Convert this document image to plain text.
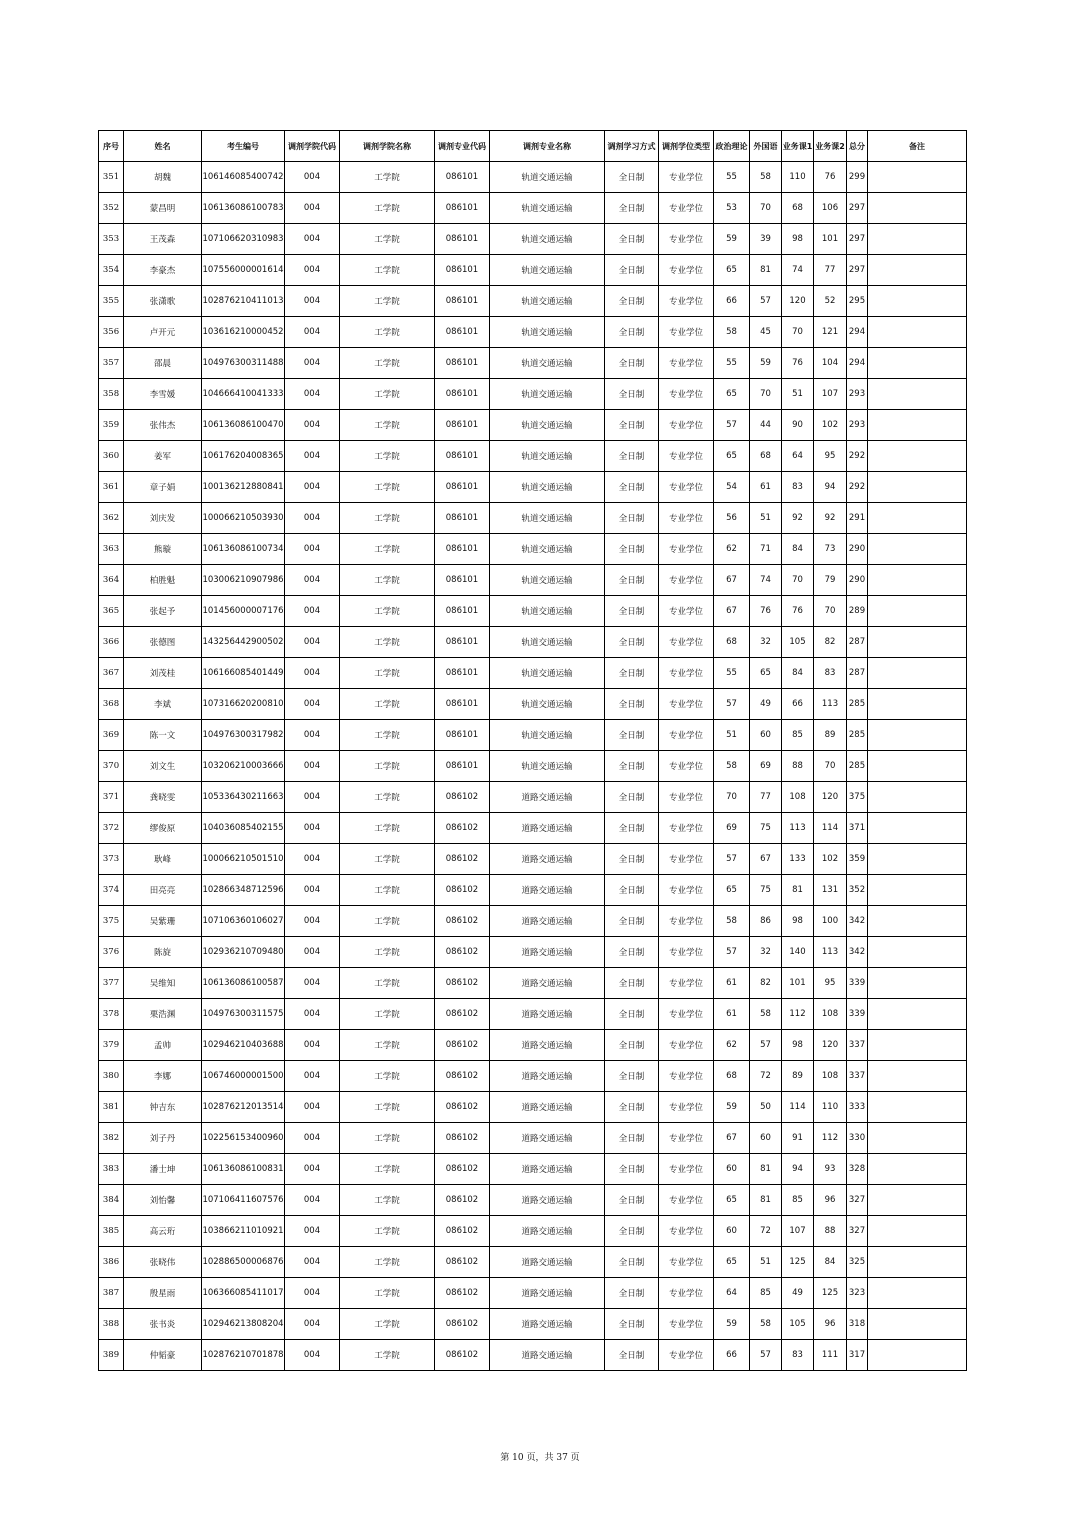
序号	姓名	考生编号	调剂学院代码	调剂学院名称	调剂专业代码	调剂专业名称	调剂学习方式	调剂学位类型	政治理论	外国语	业务课1	业务课2	总分	备注
351	胡魏	106146085400742	004	工学院	086101	轨道交通运输	全日制	专业学位	55	58	110	76	299	
352	蒙昌明	106136086100783	004	工学院	086101	轨道交通运输	全日制	专业学位	53	70	68	106	297	
353	王茂森	107106620310983	004	工学院	086101	轨道交通运输	全日制	专业学位	59	39	98	101	297	
354	李豪杰	107556000001614	004	工学院	086101	轨道交通运输	全日制	专业学位	65	81	74	77	297	
355	张潇歌	102876210411013	004	工学院	086101	轨道交通运输	全日制	专业学位	66	57	120	52	295	
356	卢开元	103616210000452	004	工学院	086101	轨道交通运输	全日制	专业学位	58	45	70	121	294	
357	邵晨	104976300311488	004	工学院	086101	轨道交通运输	全日制	专业学位	55	59	76	104	294	
358	李雪媛	104666410041333	004	工学院	086101	轨道交通运输	全日制	专业学位	65	70	51	107	293	
359	张伟杰	106136086100470	004	工学院	086101	轨道交通运输	全日制	专业学位	57	44	90	102	293	
360	姜军	106176204008365	004	工学院	086101	轨道交通运输	全日制	专业学位	65	68	64	95	292	
361	章子娟	100136212880841	004	工学院	086101	轨道交通运输	全日制	专业学位	54	61	83	94	292	
362	刘庆发	100066210503930	004	工学院	086101	轨道交通运输	全日制	专业学位	56	51	92	92	291	
363	熊璇	106136086100734	004	工学院	086101	轨道交通运输	全日制	专业学位	62	71	84	73	290	
364	柏胜魁	103006210907986	004	工学院	086101	轨道交通运输	全日制	专业学位	67	74	70	79	290	
365	张起予	101456000007176	004	工学院	086101	轨道交通运输	全日制	专业学位	67	76	76	70	289	
366	张德图	143256442900502	004	工学院	086101	轨道交通运输	全日制	专业学位	68	32	105	82	287	
367	刘茂桂	106166085401449	004	工学院	086101	轨道交通运输	全日制	专业学位	55	65	84	83	287	
368	李斌	107316620200810	004	工学院	086101	轨道交通运输	全日制	专业学位	57	49	66	113	285	
369	陈一文	104976300317982	004	工学院	086101	轨道交通运输	全日制	专业学位	51	60	85	89	285	
370	刘文生	103206210003666	004	工学院	086101	轨道交通运输	全日制	专业学位	58	69	88	70	285	
371	龚晓雯	105336430211663	004	工学院	086102	道路交通运输	全日制	专业学位	70	77	108	120	375	
372	缪俊原	104036085402155	004	工学院	086102	道路交通运输	全日制	专业学位	69	75	113	114	371	
373	耿峰	100066210501510	004	工学院	086102	道路交通运输	全日制	专业学位	57	67	133	102	359	
374	田亮亮	102866348712596	004	工学院	086102	道路交通运输	全日制	专业学位	65	75	81	131	352	
375	吴紫珊	107106360106027	004	工学院	086102	道路交通运输	全日制	专业学位	58	86	98	100	342	
376	陈旋	102936210709480	004	工学院	086102	道路交通运输	全日制	专业学位	57	32	140	113	342	
377	吴维知	106136086100587	004	工学院	086102	道路交通运输	全日制	专业学位	61	82	101	95	339	
378	栗浩渊	104976300311575	004	工学院	086102	道路交通运输	全日制	专业学位	61	58	112	108	339	
379	孟帅	102946210403688	004	工学院	086102	道路交通运输	全日制	专业学位	62	57	98	120	337	
380	李娜	106746000001500	004	工学院	086102	道路交通运输	全日制	专业学位	68	72	89	108	337	
381	钟吉东	102876212013514	004	工学院	086102	道路交通运输	全日制	专业学位	59	50	114	110	333	
382	刘子丹	102256153400960	004	工学院	086102	道路交通运输	全日制	专业学位	67	60	91	112	330	
383	潘士坤	106136086100831	004	工学院	086102	道路交通运输	全日制	专业学位	60	81	94	93	328	
384	刘怡馨	107106411607576	004	工学院	086102	道路交通运输	全日制	专业学位	65	81	85	96	327	
385	高云珩	103866211010921	004	工学院	086102	道路交通运输	全日制	专业学位	60	72	107	88	327	
386	张晓伟	102886500006876	004	工学院	086102	道路交通运输	全日制	专业学位	65	51	125	84	325	
387	殷星雨	106366085411017	004	工学院	086102	道路交通运输	全日制	专业学位	64	85	49	125	323	
388	张书炎	102946213808204	004	工学院	086102	道路交通运输	全日制	专业学位	59	58	105	96	318	
389	仲韬豪	102876210701878	004	工学院	086102	道路交通运输	全日制	专业学位	66	57	83	111	317	
第 10 页，共 37 页
